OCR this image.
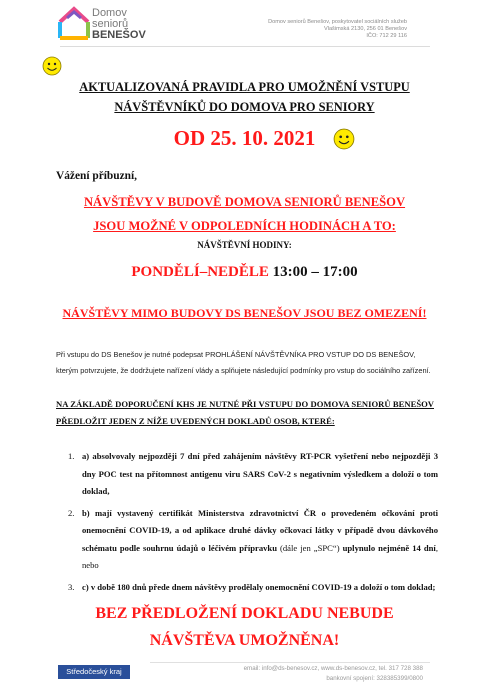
Domov
seniorů
BENEŠOV
Domov seniorů Benešov, poskytovatel sociálních služeb
Vlašimská 2130, 256 01 Benešov
IČO: 712 29 116
AKTUALIZOVANÁ PRAVIDLA PRO UMOŽNĚNÍ VSTUPU
NÁVŠTĚVNÍKŮ DO DOMOVA PRO SENIORY
OD 25. 10. 2021
Vážení příbuzní,
NÁVŠTĚVY V BUDOVĚ DOMOVA SENIORŮ BENEŠOV
JSOU MOŽNÉ V ODPOLEDNÍCH HODINÁCH A TO:
NÁVŠTĚVNÍ HODINY:
PONDĚLÍ–NEDĚLE 13:00 – 17:00
NÁVŠTĚVY MIMO BUDOVY DS BENEŠOV JSOU BEZ OMEZENÍ!
Při vstupu do DS Benešov je nutné podepsat PROHLÁŠENÍ NÁVŠTĚVNÍKA PRO VSTUP DO DS BENEŠOV, kterým potvrzujete, že dodržujete nařízení vlády a splňujete následující podmínky pro vstup do sociálního zařízení.
NA ZÁKLADĚ DOPORUČENÍ KHS JE NUTNÉ PŘI VSTUPU DO DOMOVA SENIORŮ BENEŠOV PŘEDLOŽIT JEDEN Z NÍŽE UVEDENÝCH DOKLADŮ OSOB, KTERÉ:
1. a) absolvovaly nejpozději 7 dní před zahájením návštěvy RT-PCR vyšetření nebo nejpozději 3 dny POC test na přítomnost antigenu viru SARS CoV-2 s negativním výsledkem a doloží o tom doklad,
2. b) mají vystavený certifikát Ministerstva zdravotnictví ČR o provedeném očkování proti onemocnění COVID-19, a od aplikace druhé dávky očkovací látky v případě dvou dávkového schématu podle souhrnu údajů o léčivém přípravku (dále jen „SPC“) uplynulo nejméně 14 dní, nebo
3. c) v době 180 dnů přede dnem návštěvy prodělaly onemocnění COVID-19 a doloží o tom doklad;
BEZ PŘEDLOŽENÍ DOKLADU NEBUDE
NÁVŠTĚVA UMOŽNĚNA!
Středočeský kraj	email: info@ds-benesov.cz, www.ds-benesov.cz, tel. 317 728 388
bankovní spojení: 328385399/0800
